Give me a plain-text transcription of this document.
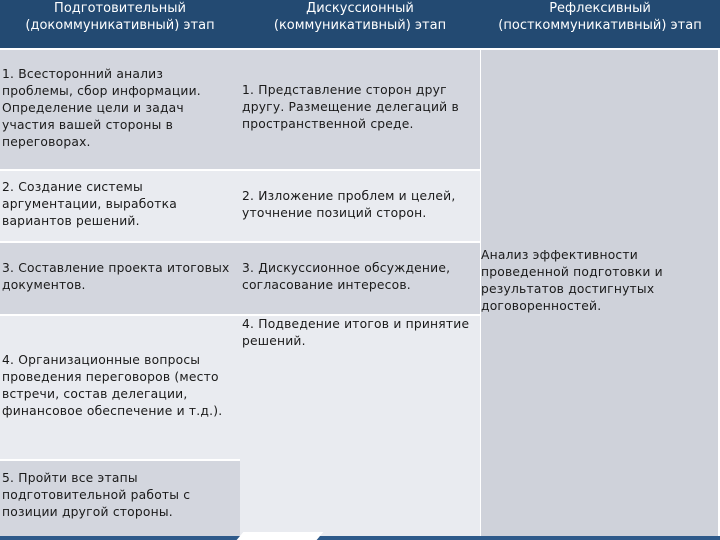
Подготовительный
(докоммуникативный) этап
Дискуссионный
(коммуникативный) этап
Рефлексивный
(посткоммуникативный) этап
1. Всесторонний анализ проблемы, сбор информации. Определение цели и задач участия вашей стороны в переговорах.
2. Создание системы аргументации, выработка вариантов решений.
3. Составление проекта итоговых документов.
4. Организационные вопросы проведения переговоров (место встречи, состав делегации, финансовое обеспечение и т.д.).
5. Пройти все этапы подготовительной работы с позиции другой стороны.
1. Представление сторон друг другу. Размещение делегаций в пространственной среде.
2. Изложение проблем и целей, уточнение позиций сторон.
3. Дискуссионное обсуждение, согласование интересов.
4. Подведение итогов и принятие решений.
Анализ эффективности проведенной подготовки и результатов достигнутых договоренностей.
